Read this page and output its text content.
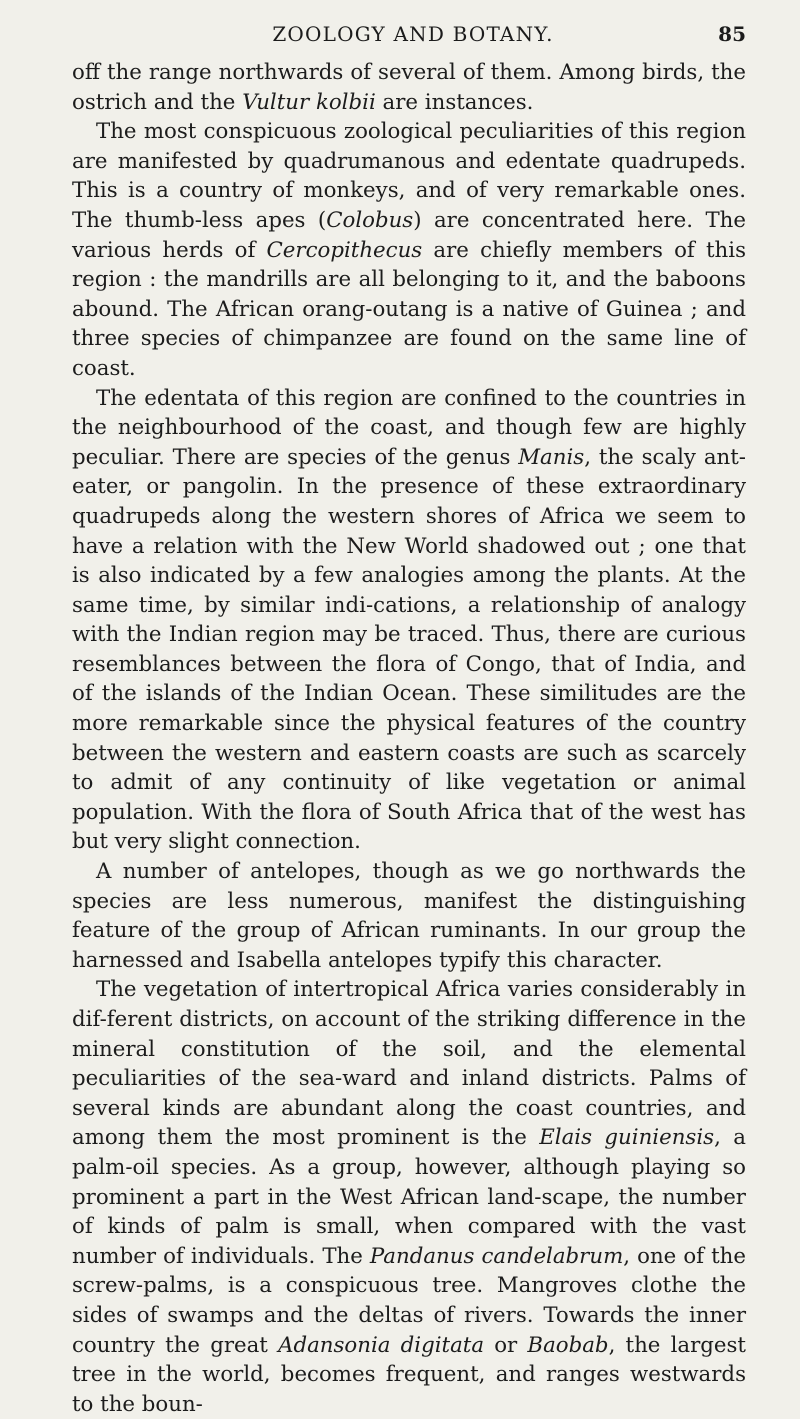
ZOOLOGY AND BOTANY.	85

off the range northwards of several of them. Among birds, the ostrich and the Vultur kolbii are instances.

The most conspicuous zoological peculiarities of this region are manifested by quadrumanous and edentate quadrupeds. This is a country of monkeys, and of very remarkable ones. The thumb-less apes (Colobus) are concentrated here. The various herds of Cercopithecus are chiefly members of this region : the mandrills are all belonging to it, and the baboons abound. The African orang-outang is a native of Guinea ; and three species of chimpanzee are found on the same line of coast.

The edentata of this region are confined to the countries in the neighbourhood of the coast, and though few are highly peculiar. There are species of the genus Manis, the scaly ant-eater, or pangolin. In the presence of these extraordinary quadrupeds along the western shores of Africa we seem to have a relation with the New World shadowed out ; one that is also indicated by a few analogies among the plants. At the same time, by similar indi-cations, a relationship of analogy with the Indian region may be traced. Thus, there are curious resemblances between the flora of Congo, that of India, and of the islands of the Indian Ocean. These similitudes are the more remarkable since the physical features of the country between the western and eastern coasts are such as scarcely to admit of any continuity of like vegetation or animal population. With the flora of South Africa that of the west has but very slight connection.

A number of antelopes, though as we go northwards the species are less numerous, manifest the distinguishing feature of the group of African ruminants. In our group the harnessed and Isabella antelopes typify this character.

The vegetation of intertropical Africa varies considerably in dif-ferent districts, on account of the striking difference in the mineral constitution of the soil, and the elemental peculiarities of the sea-ward and inland districts. Palms of several kinds are abundant along the coast countries, and among them the most prominent is the Elais guiniensis, a palm-oil species. As a group, however, although playing so prominent a part in the West African land-scape, the number of kinds of palm is small, when compared with the vast number of individuals. The Pandanus candelabrum, one of the screw-palms, is a conspicuous tree. Mangroves clothe the sides of swamps and the deltas of rivers. Towards the inner country the great Adansonia digitata or Baobab, the largest tree in the world, becomes frequent, and ranges westwards to the boun-
